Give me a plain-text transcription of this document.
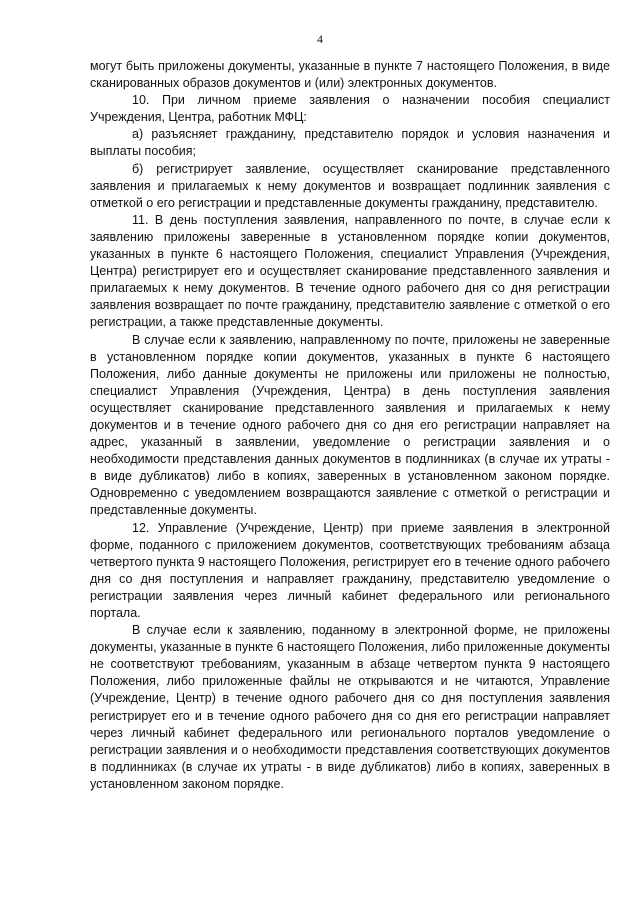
4

могут быть приложены документы, указанные в пункте 7 настоящего Положения, в виде сканированных образов документов и (или) электронных документов.

10. При личном приеме заявления о назначении пособия специалист Учреждения, Центра, работник МФЦ:

а) разъясняет гражданину, представителю порядок и условия назначения и выплаты пособия;

б) регистрирует заявление, осуществляет сканирование представленного заявления и прилагаемых к нему документов и возвращает подлинник заявления с отметкой о его регистрации и представленные документы гражданину, представителю.

11. В день поступления заявления, направленного по почте, в случае если к заявлению приложены заверенные в установленном порядке копии документов, указанных в пункте 6 настоящего Положения, специалист Управления (Учреждения, Центра) регистрирует его и осуществляет сканирование представленного заявления и прилагаемых к нему документов. В течение одного рабочего дня со дня регистрации заявления возвращает по почте гражданину, представителю заявление с отметкой о его регистрации, а также представленные документы.

В случае если к заявлению, направленному по почте, приложены не заверенные в установленном порядке копии документов, указанных в пункте 6 настоящего Положения, либо данные документы не приложены или приложены не полностью, специалист Управления (Учреждения, Центра) в день поступления заявления осуществляет сканирование представленного заявления и прилагаемых к нему документов и в течение одного рабочего дня со дня его регистрации направляет на адрес, указанный в заявлении, уведомление о регистрации заявления и о необходимости представления данных документов в подлинниках (в случае их утраты - в виде дубликатов) либо в копиях, заверенных в установленном законом порядке. Одновременно с уведомлением возвращаются заявление с отметкой о регистрации и представленные документы.

12. Управление (Учреждение, Центр) при приеме заявления в электронной форме, поданного с приложением документов, соответствующих требованиям абзаца четвертого пункта 9 настоящего Положения, регистрирует его в течение одного рабочего дня со дня поступления и направляет гражданину, представителю уведомление о регистрации заявления через личный кабинет федерального или регионального портала.

В случае если к заявлению, поданному в электронной форме, не приложены документы, указанные в пункте 6 настоящего Положения, либо приложенные документы не соответствуют требованиям, указанным в абзаце четвертом пункта 9 настоящего Положения, либо приложенные файлы не открываются и не читаются, Управление (Учреждение, Центр) в течение одного рабочего дня со дня поступления заявления регистрирует его и в течение одного рабочего дня со дня его регистрации направляет через личный кабинет федерального или регионального порталов уведомление о регистрации заявления и о необходимости представления соответствующих документов в подлинниках (в случае их утраты - в виде дубликатов) либо в копиях, заверенных в установленном законом порядке.
